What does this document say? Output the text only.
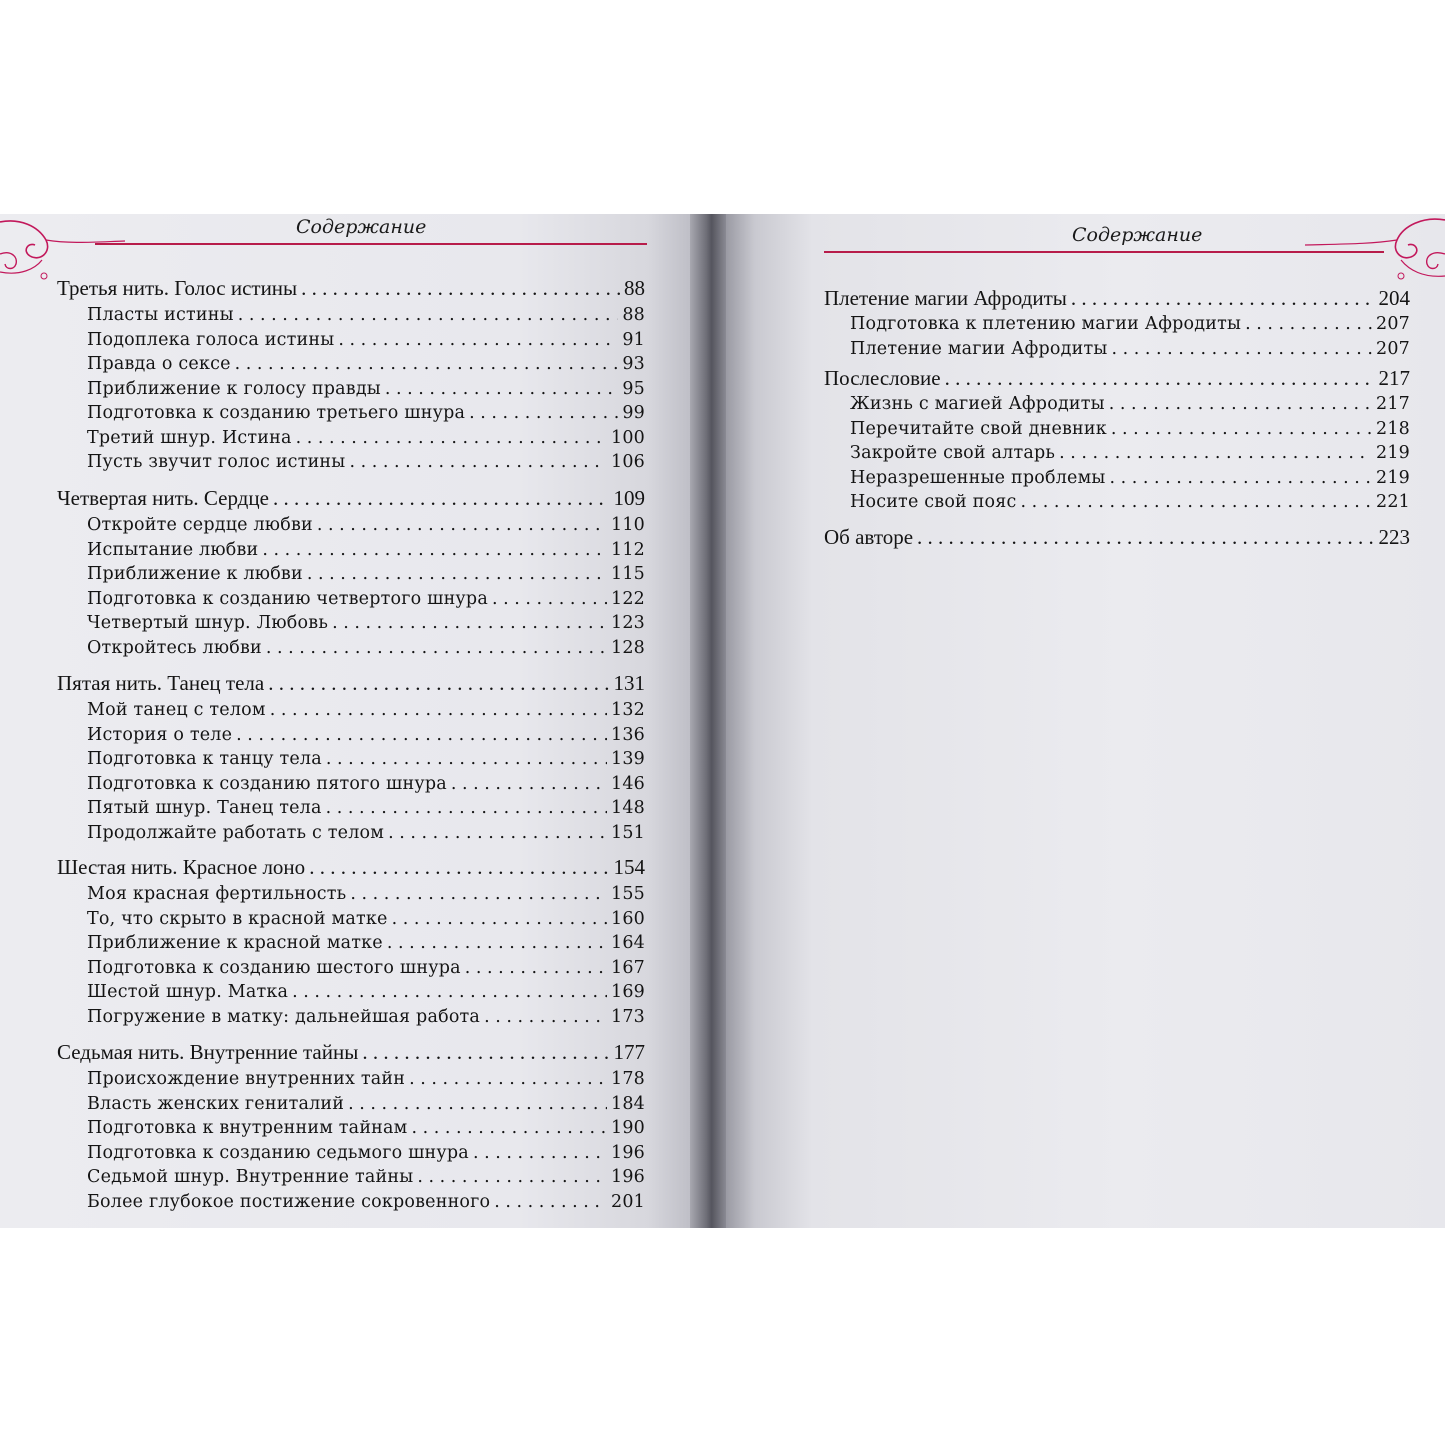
Содержание
Третья нить. Голос истины . . .	88
Пласты истины . . .	88
Подоплека голоса истины . . .	91
Правда о сексе . . .	93
Приближение к голосу правды . . .	95
Подготовка к созданию третьего шнура . . .	99
Третий шнур. Истина . . .	100
Пусть звучит голос истины . . .	106
Четвертая нить. Сердце . . .	109
Откройте сердце любви . . .	110
Испытание любви . . .	112
Приближение к любви . . .	115
Подготовка к созданию четвертого шнура . . .	122
Четвертый шнур. Любовь . . .	123
Откройтесь любви . . .	128
Пятая нить. Танец тела . . .	131
Мой танец с телом . . .	132
История о теле . . .	136
Подготовка к танцу тела . . .	139
Подготовка к созданию пятого шнура . . .	146
Пятый шнур. Танец тела . . .	148
Продолжайте работать с телом . . .	151
Шестая нить. Красное лоно . . .	154
Моя красная фертильность . . .	155
То, что скрыто в красной матке . . .	160
Приближение к красной матке . . .	164
Подготовка к созданию шестого шнура . . .	167
Шестой шнур. Матка . . .	169
Погружение в матку: дальнейшая работа . . .	173
Седьмая нить. Внутренние тайны . . .	177
Происхождение внутренних тайн . . .	178
Власть женских гениталий . . .	184
Подготовка к внутренним тайнам . . .	190
Подготовка к созданию седьмого шнура . . .	196
Седьмой шнур. Внутренние тайны . . .	196
Более глубокое постижение сокровенного . . .	201
Содержание
Плетение магии Афродиты . . .	204
Подготовка к плетению магии Афродиты . . .	207
Плетение магии Афродиты . . .	207
Послесловие . . .	217
Жизнь с магией Афродиты . . .	217
Перечитайте свой дневник . . .	218
Закройте свой алтарь . . .	219
Неразрешенные проблемы . . .	219
Носите свой пояс . . .	221
Об авторе . . .	223
